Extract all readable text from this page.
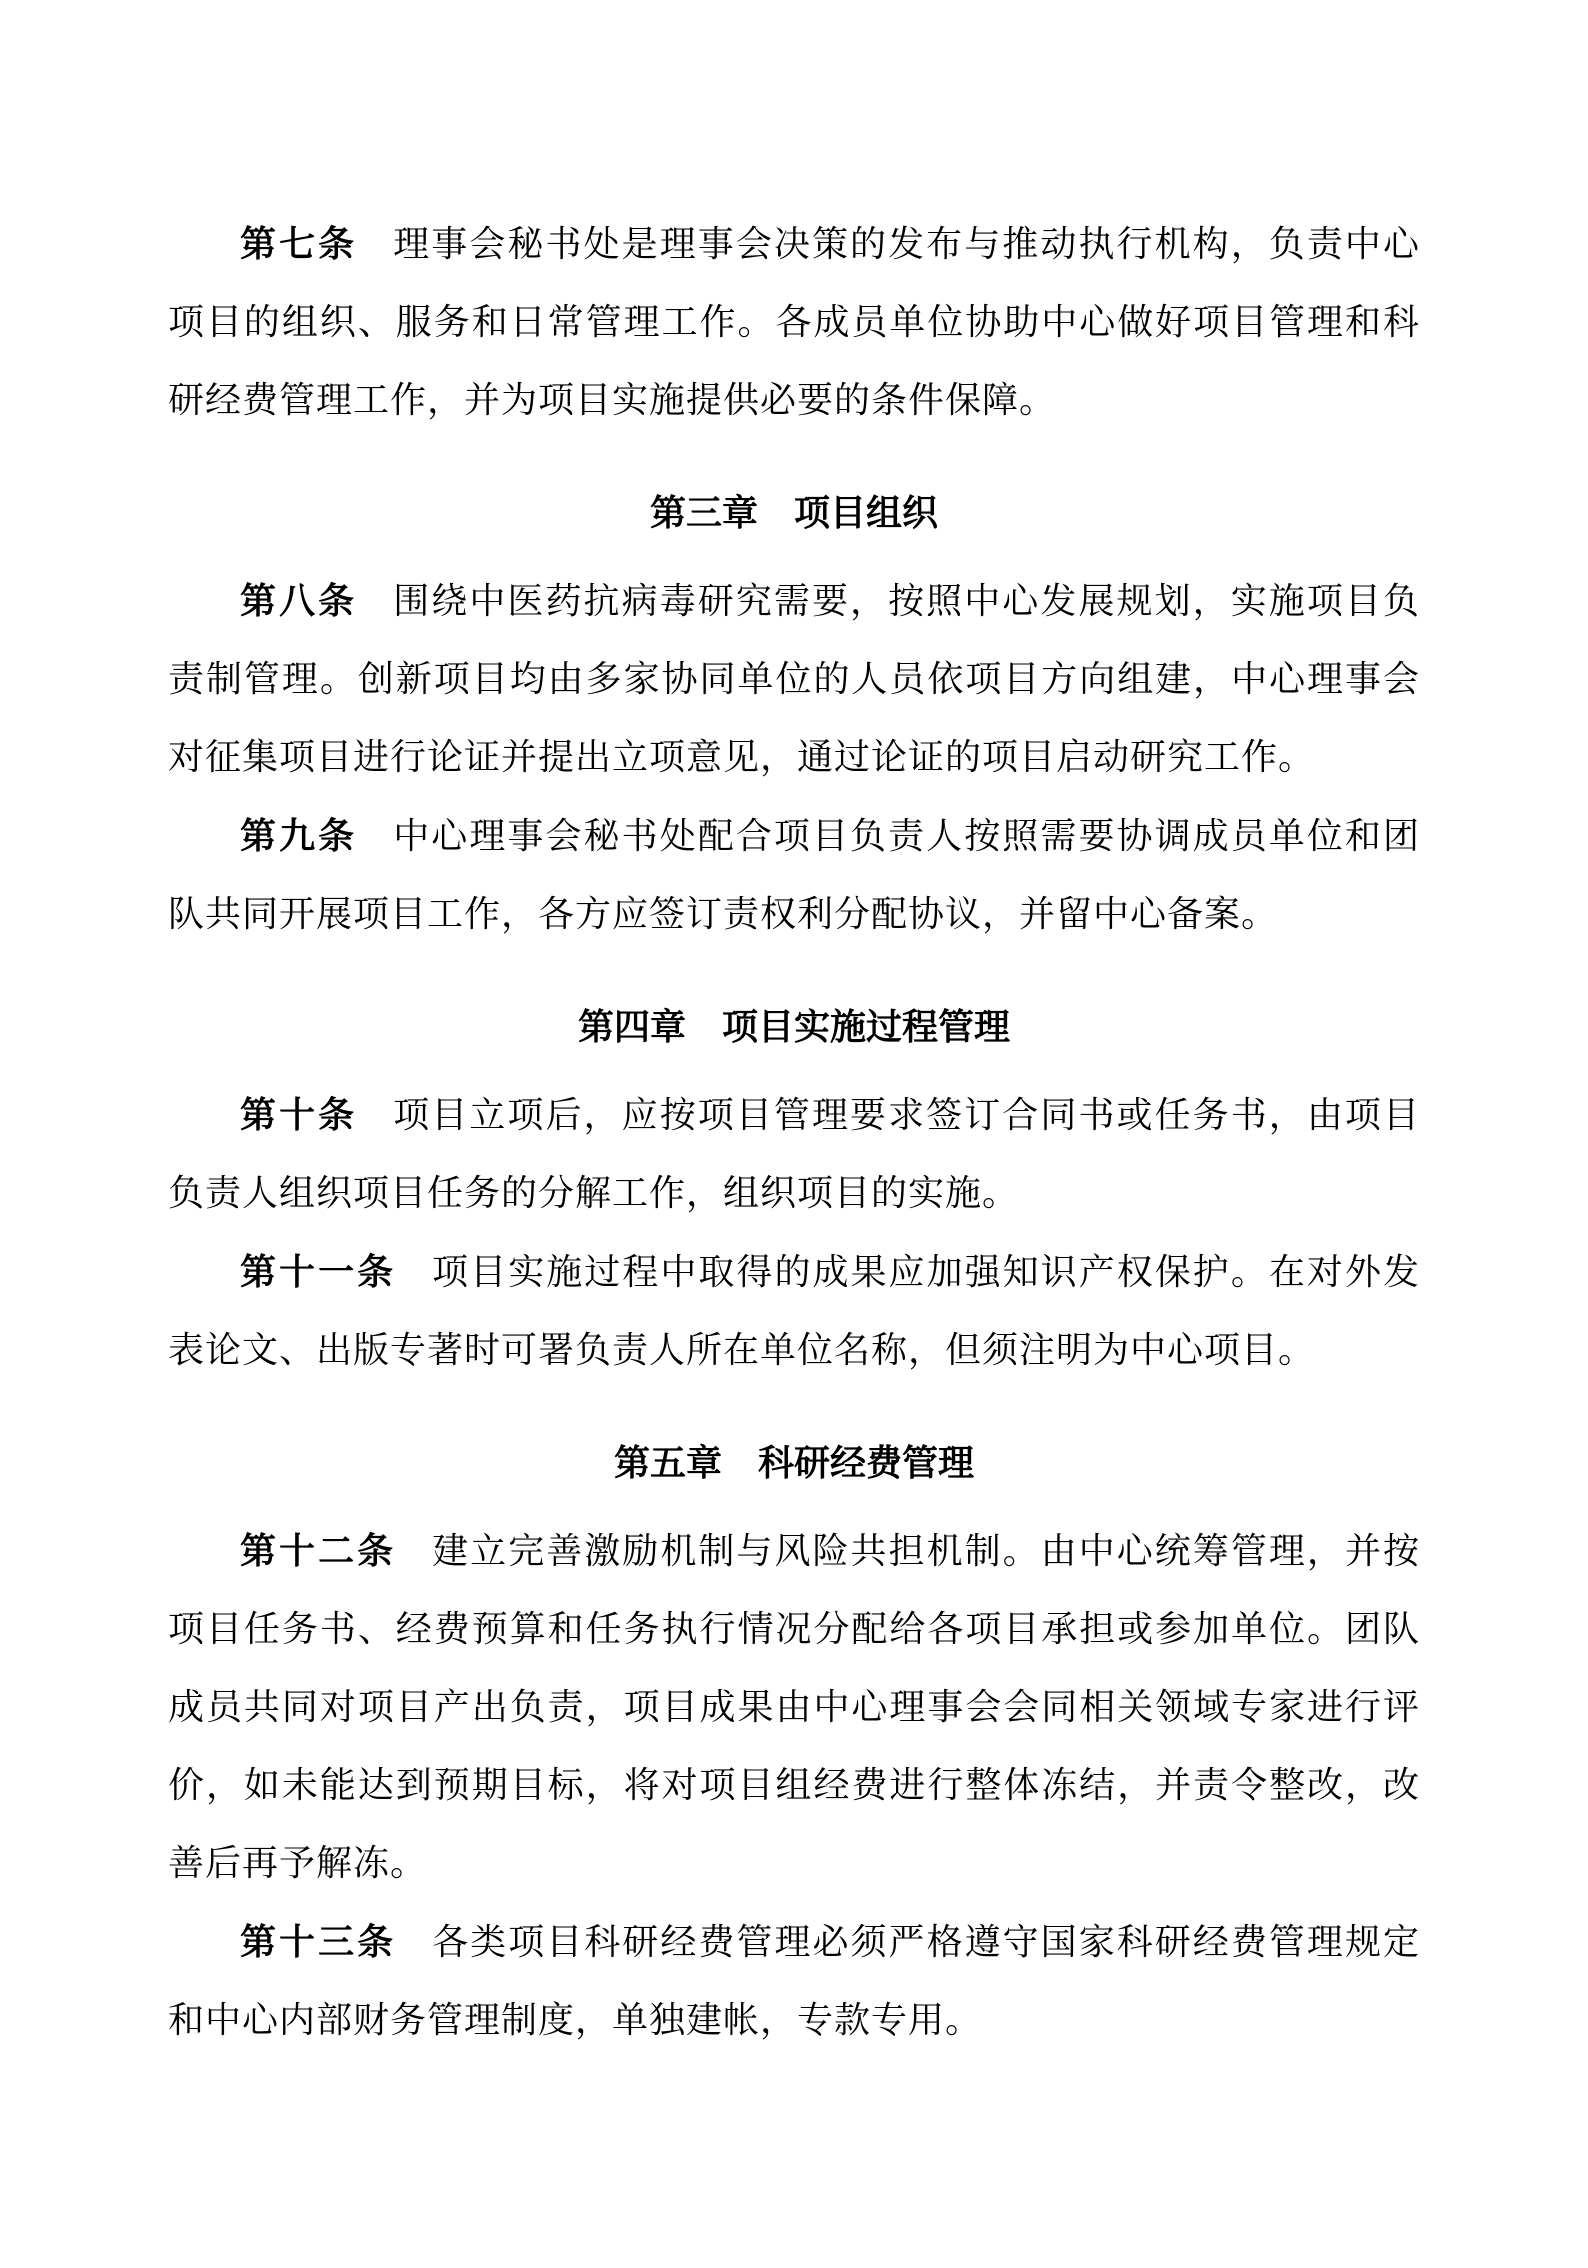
第七条 理事会秘书处是理事会决策的发布与推动执行机构，负责中心项目的组织、服务和日常管理工作。各成员单位协助中心做好项目管理和科研经费管理工作，并为项目实施提供必要的条件保障。

第三章 项目组织

第八条 围绕中医药抗病毒研究需要，按照中心发展规划，实施项目负责制管理。创新项目均由多家协同单位的人员依项目方向组建，中心理事会对征集项目进行论证并提出立项意见，通过论证的项目启动研究工作。

第九条 中心理事会秘书处配合项目负责人按照需要协调成员单位和团队共同开展项目工作，各方应签订责权利分配协议，并留中心备案。

第四章 项目实施过程管理

第十条 项目立项后，应按项目管理要求签订合同书或任务书，由项目负责人组织项目任务的分解工作，组织项目的实施。

第十一条 项目实施过程中取得的成果应加强知识产权保护。在对外发表论文、出版专著时可署负责人所在单位名称，但须注明为中心项目。

第五章 科研经费管理

第十二条 建立完善激励机制与风险共担机制。由中心统筹管理，并按项目任务书、经费预算和任务执行情况分配给各项目承担或参加单位。团队成员共同对项目产出负责，项目成果由中心理事会会同相关领域专家进行评价，如未能达到预期目标，将对项目组经费进行整体冻结，并责令整改，改善后再予解冻。

第十三条 各类项目科研经费管理必须严格遵守国家科研经费管理规定和中心内部财务管理制度，单独建帐，专款专用。
